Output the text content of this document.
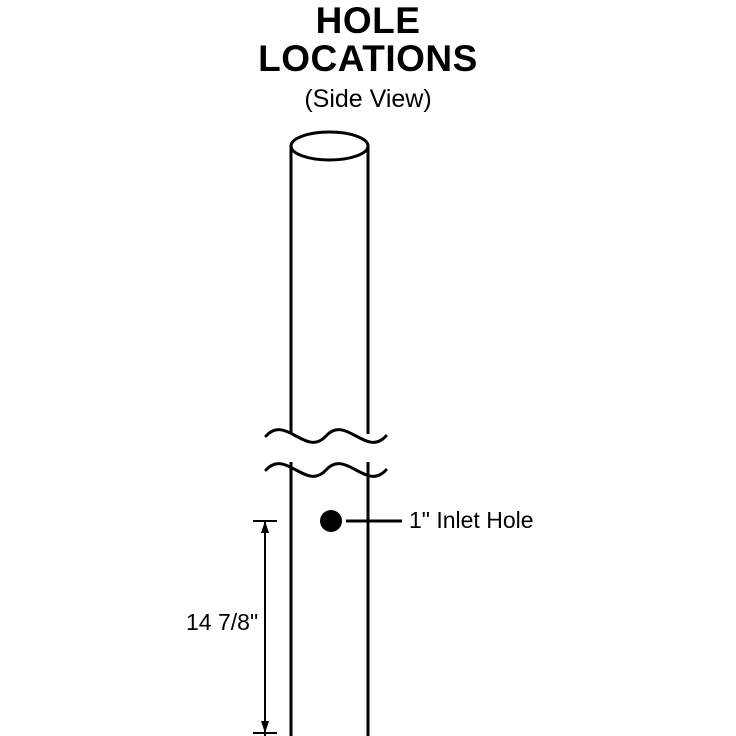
HOLE
LOCATIONS
(Side View)
1" Inlet Hole
14 7/8"
